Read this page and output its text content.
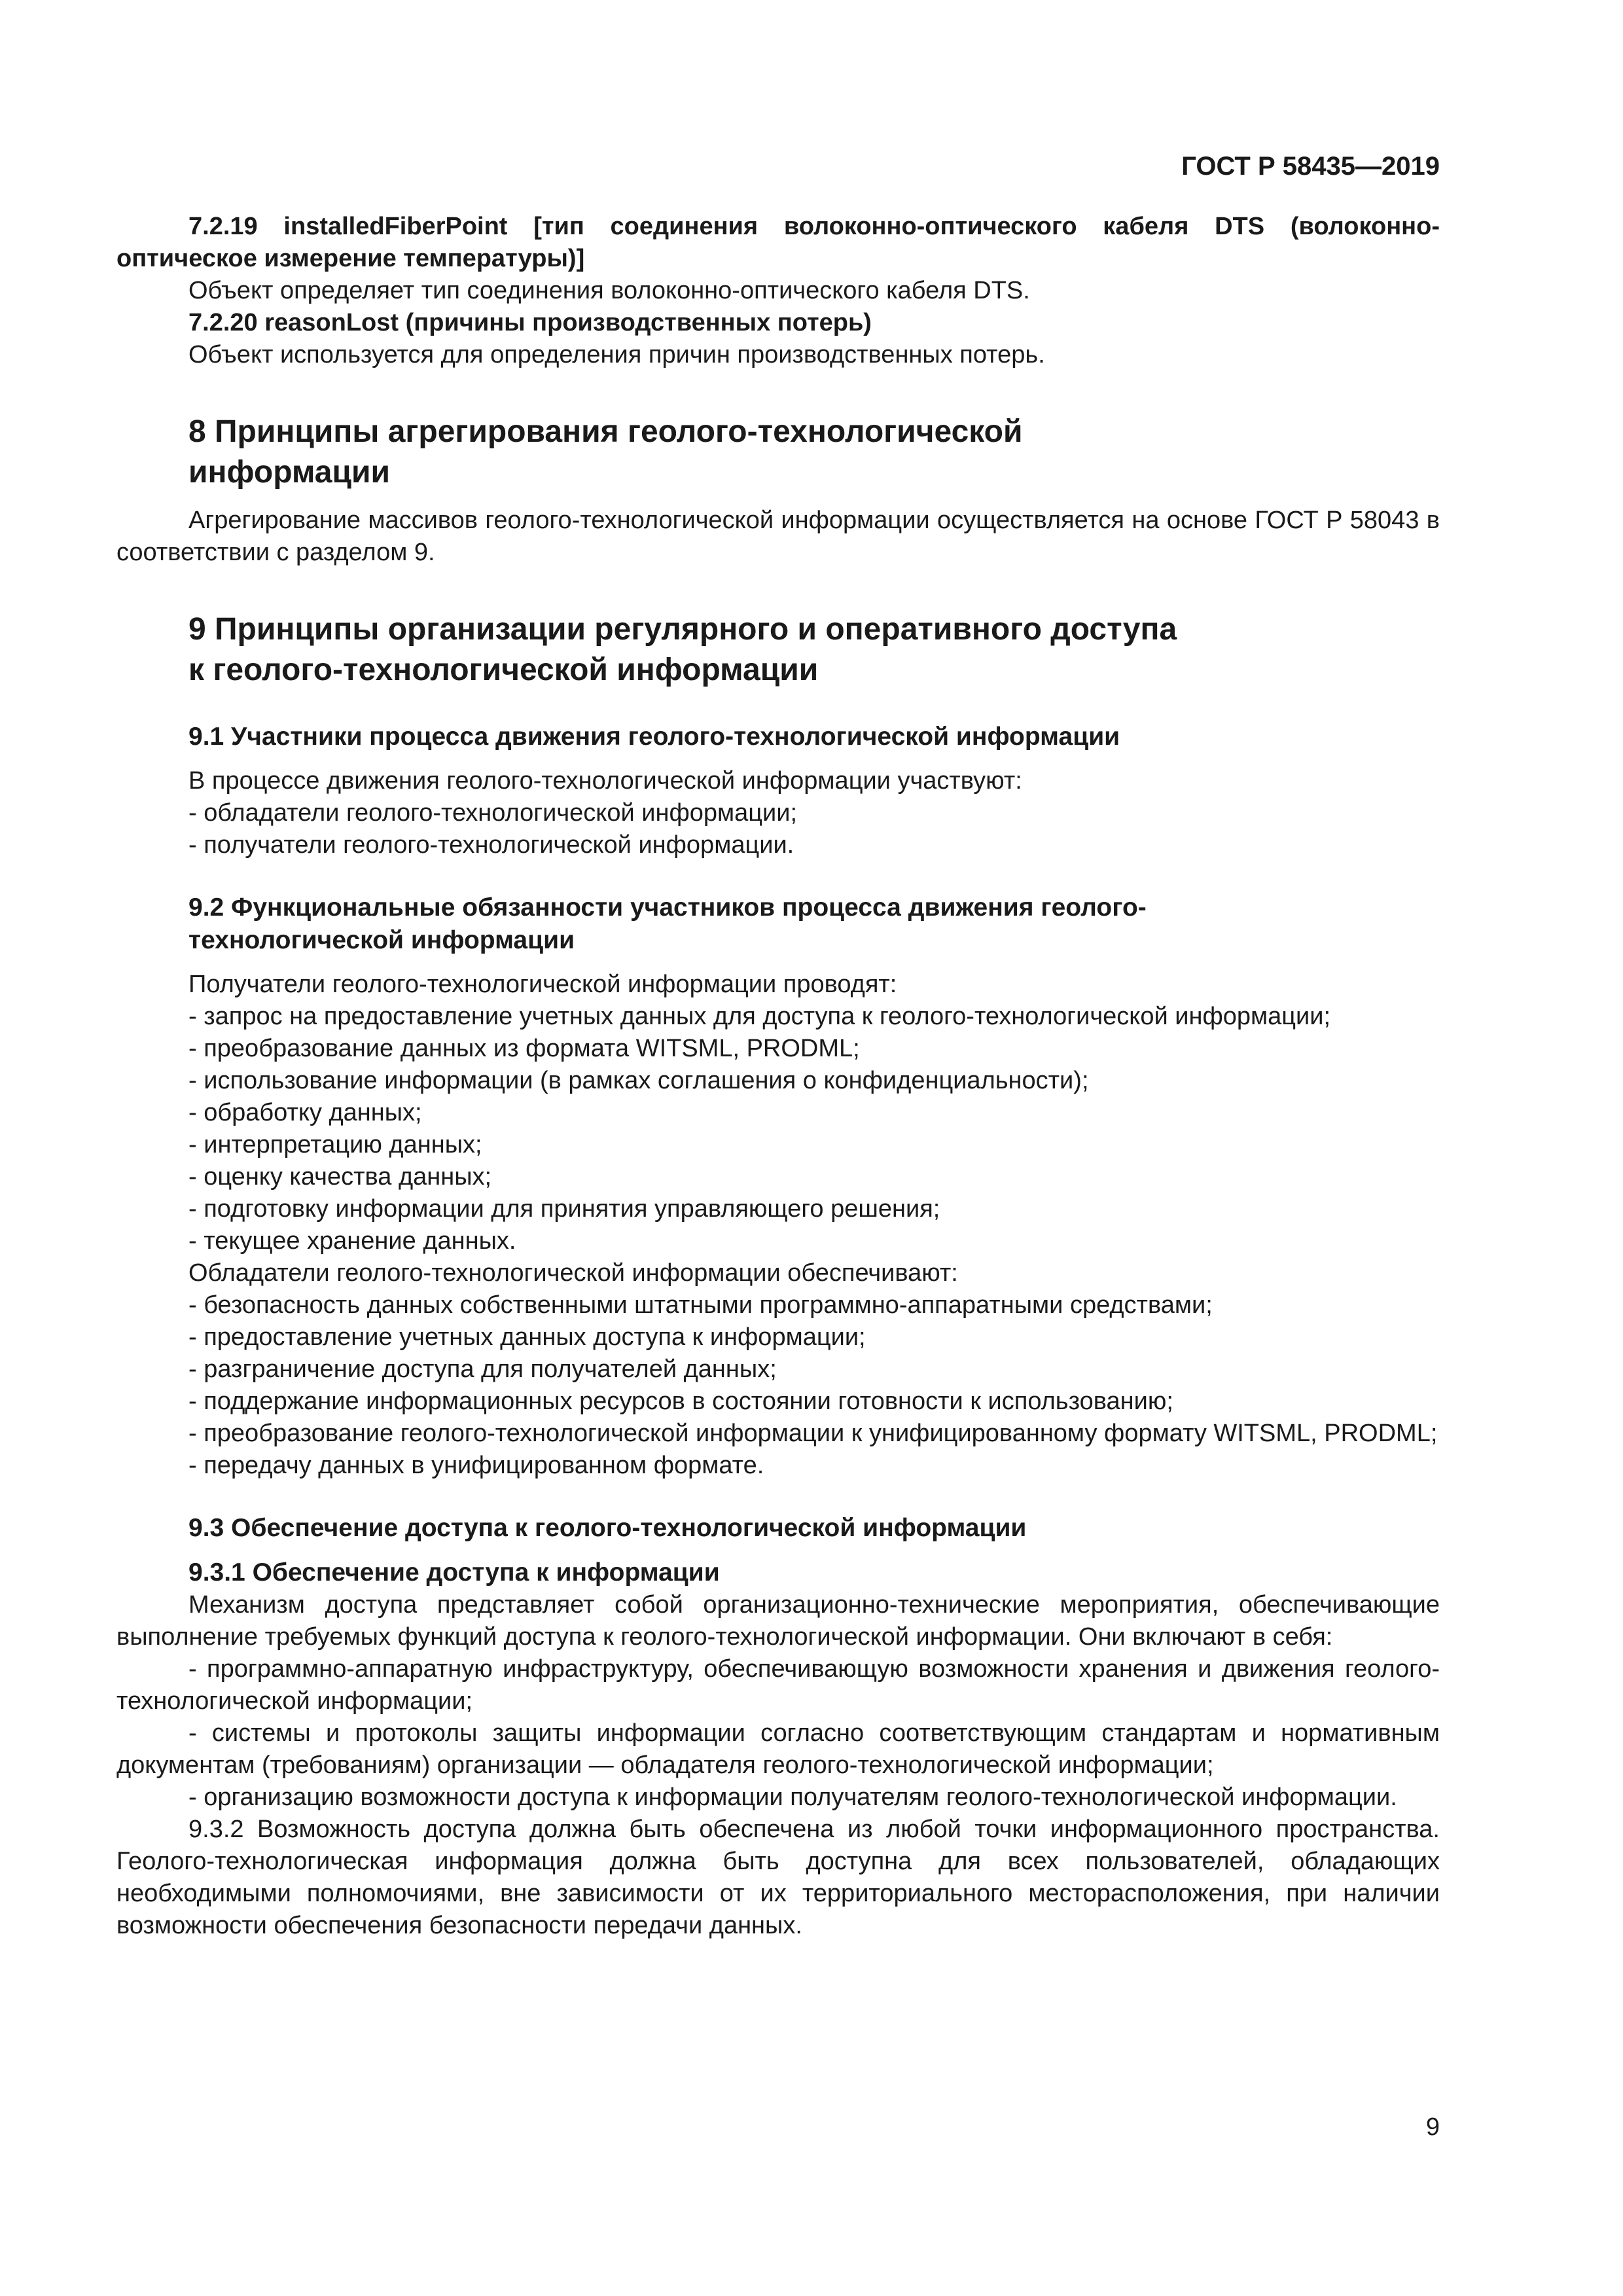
ГОСТ Р 58435—2019

7.2.19 installedFiberPoint [тип соединения волоконно-оптического кабеля DTS (волоконно-оптическое измерение температуры)]

Объект определяет тип соединения волоконно-оптического кабеля DTS.

7.2.20 reasonLost (причины производственных потерь)

Объект используется для определения причин производственных потерь.

8 Принципы агрегирования геолого-технологической
информации

Агрегирование массивов геолого-технологической информации осуществляется на основе ГОСТ Р 58043 в соответствии с разделом 9.

9 Принципы организации регулярного и оперативного доступа
к геолого-технологической информации
9.1 Участники процесса движения геолого-технологической информации

В процессе движения геолого-технологической информации участвуют:

- обладатели геолого-технологической информации;
- получатели геолого-технологической информации.
9.2 Функциональные обязанности участников процесса движения геолого-
технологической информации

Получатели геолого-технологической информации проводят:

- запрос на предоставление учетных данных для доступа к геолого-технологической информации;
- преобразование данных из формата WITSML, PRODML;
- использование информации (в рамках соглашения о конфиденциальности);
- обработку данных;
- интерпретацию данных;
- оценку качества данных;
- подготовку информации для принятия управляющего решения;
- текущее хранение данных.

Обладатели геолого-технологической информации обеспечивают:

- безопасность данных собственными штатными программно-аппаратными средствами;
- предоставление учетных данных доступа к информации;
- разграничение доступа для получателей данных;
- поддержание информационных ресурсов в состоянии готовности к использованию;
- преобразование геолого-технологической информации к унифицированному формату WITSML, PRODML;
- передачу данных в унифицированном формате.
9.3 Обеспечение доступа к геолого-технологической информации
9.3.1 Обеспечение доступа к информации

Механизм доступа представляет собой организационно-технические мероприятия, обеспечивающие выполнение требуемых функций доступа к геолого-технологической информации. Они включают в себя:

- программно-аппаратную инфраструктуру, обеспечивающую возможности хранения и движения геолого-технологической информации;
- системы и протоколы защиты информации согласно соответствующим стандартам и нормативным документам (требованиям) организации — обладателя геолого-технологической информации;
- организацию возможности доступа к информации получателям геолого-технологической информации.

9.3.2 Возможность доступа должна быть обеспечена из любой точки информационного пространства. Геолого-технологическая информация должна быть доступна для всех пользователей, обладающих необходимыми полномочиями, вне зависимости от их территориального месторасположения, при наличии возможности обеспечения безопасности передачи данных.

9
